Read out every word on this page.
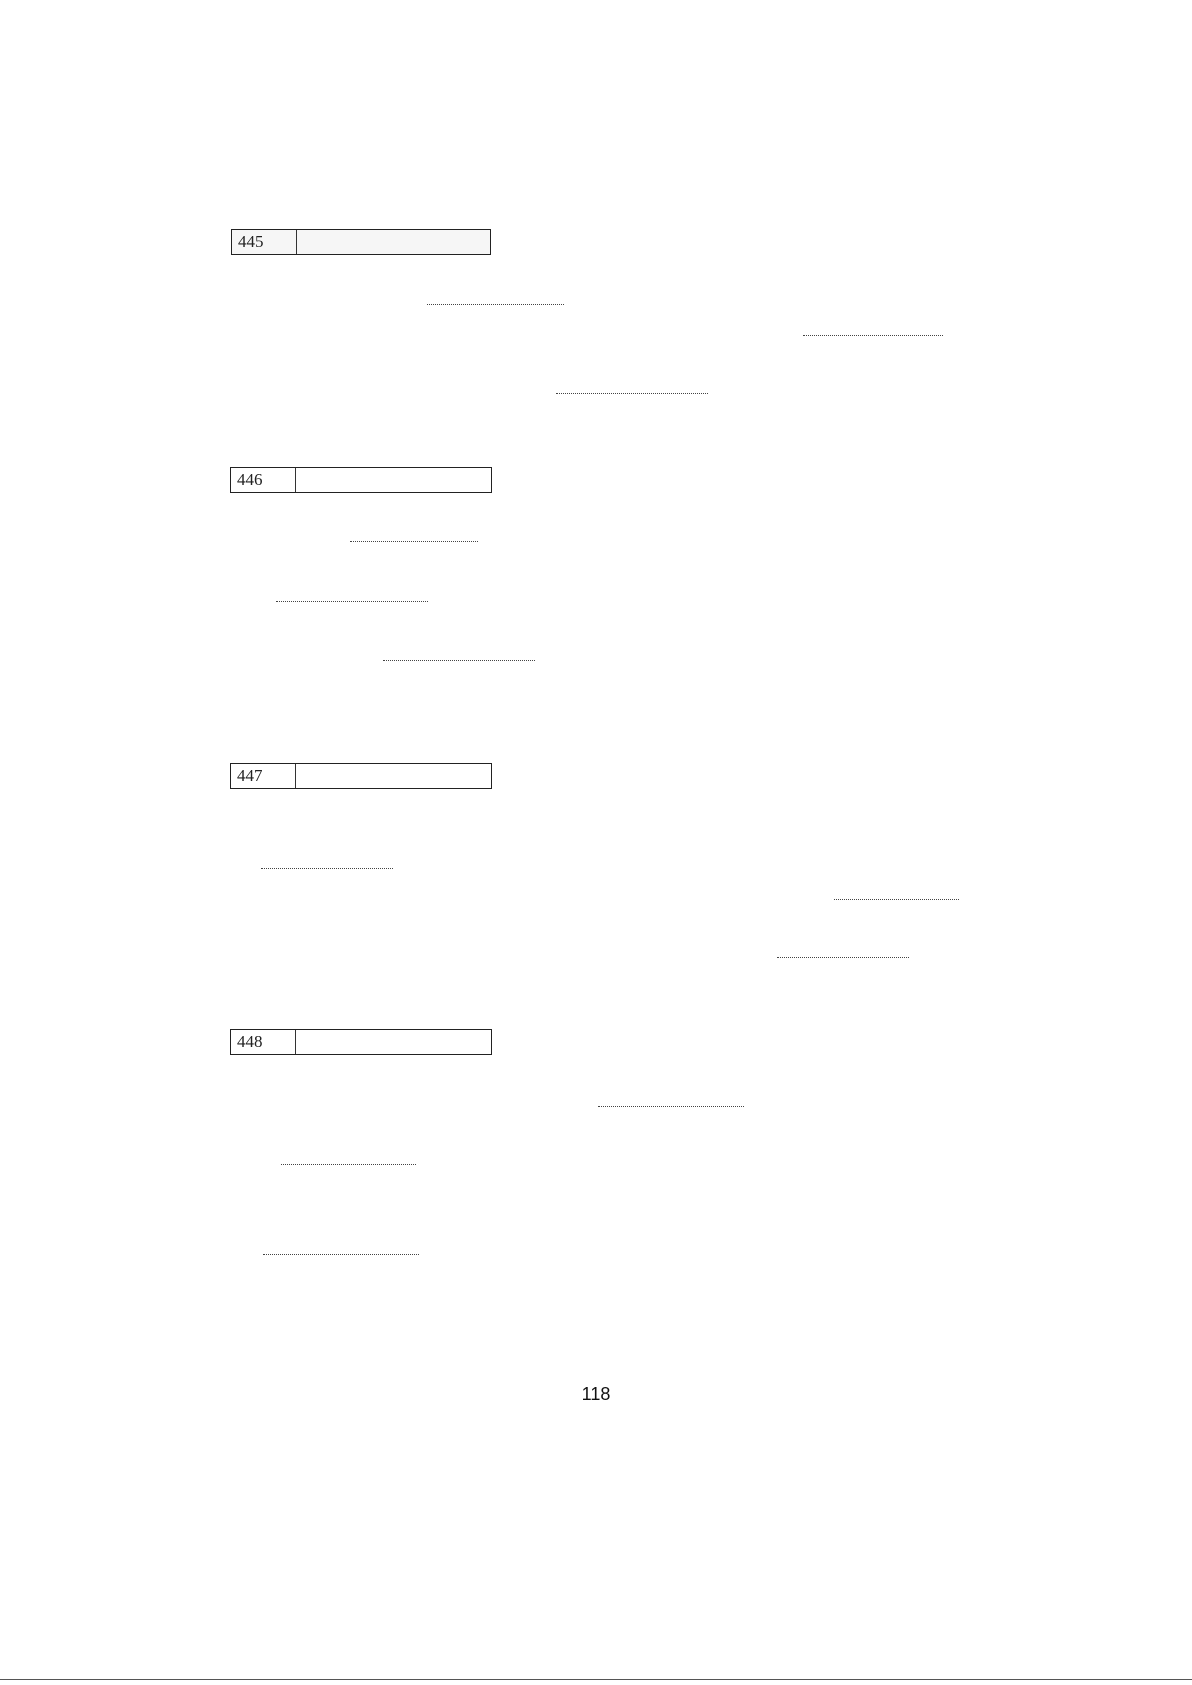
445
446
447
448
118
